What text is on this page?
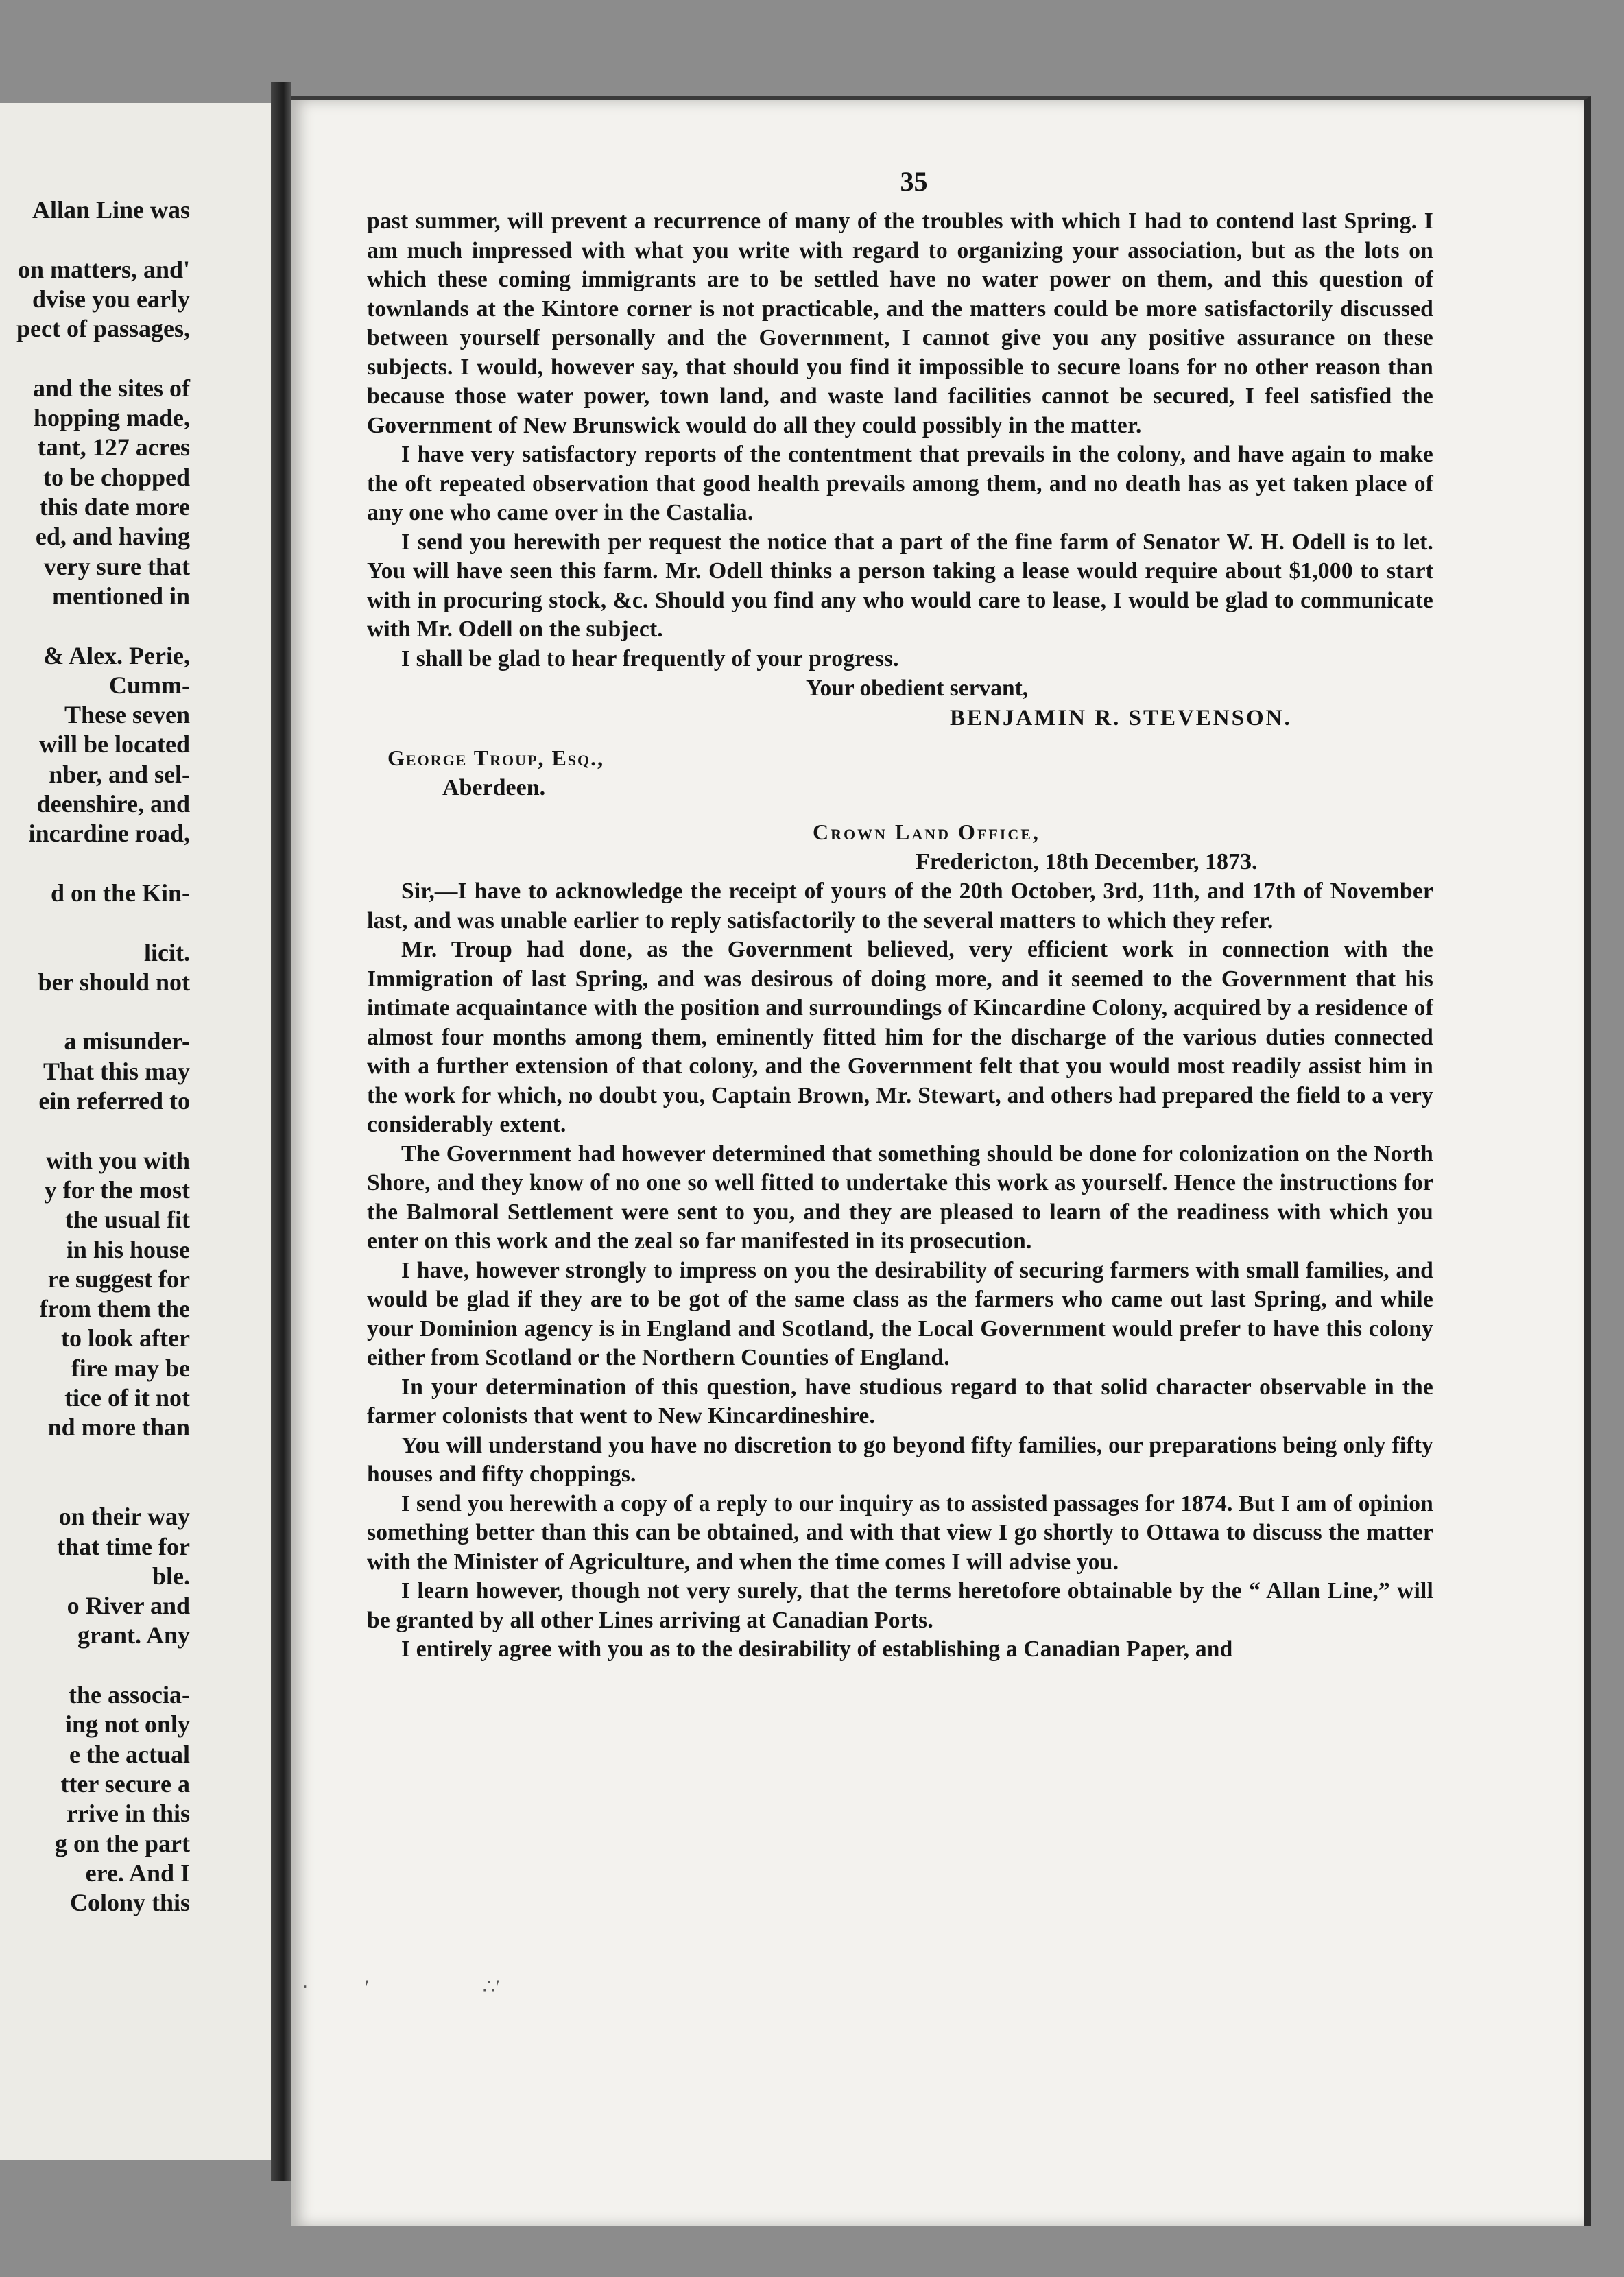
Allan Line was
on matters, and'
dvise you early
pect of passages,
and the sites of
hopping made,
tant, 127 acres
to be chopped
this date more
ed, and having
very sure that
mentioned in
& Alex. Perie,
Cumm-
These seven
will be located
nber, and sel-
deenshire, and
incardine road,
d on the Kin-
licit.
ber should not
a misunder-
That this may
ein referred to
with you with
y for the most
the usual fit
in his house
re suggest for
from them the
to look after
fire may be
tice of it not
nd more than
on their way
that time for
ble.
o River and
grant. Any
the associa-
ing not only
e the actual
tter secure a
rrive in this
g on the part
ere. And I
Colony this
35

past summer, will prevent a recurrence of many of the troubles with which I had to contend last Spring. I am much impressed with what you write with regard to organizing your association, but as the lots on which these coming immigrants are to be settled have no water power on them, and this question of townlands at the Kintore corner is not practicable, and the matters could be more satisfactorily discussed between yourself personally and the Government, I cannot give you any positive assurance on these subjects. I would, however say, that should you find it impossible to secure loans for no other reason than because those water power, town land, and waste land facilities cannot be secured, I feel satisfied the Government of New Brunswick would do all they could possibly in the matter.

I have very satisfactory reports of the contentment that prevails in the colony, and have again to make the oft repeated observation that good health prevails among them, and no death has as yet taken place of any one who came over in the Castalia.

I send you herewith per request the notice that a part of the fine farm of Senator W. H. Odell is to let. You will have seen this farm. Mr. Odell thinks a person taking a lease would require about $1,000 to start with in procuring stock, &c. Should you find any who would care to lease, I would be glad to communicate with Mr. Odell on the subject.

I shall be glad to hear frequently of your progress.

Your obedient servant,

BENJAMIN R. STEVENSON.

George Troup, Esq.,

Aberdeen.

Crown Land Office,

Fredericton, 18th December, 1873.

Sir,—I have to acknowledge the receipt of yours of the 20th October, 3rd, 11th, and 17th of November last, and was unable earlier to reply satisfactorily to the several matters to which they refer.

Mr. Troup had done, as the Government believed, very efficient work in connection with the Immigration of last Spring, and was desirous of doing more, and it seemed to the Government that his intimate acquaintance with the position and surroundings of Kincardine Colony, acquired by a residence of almost four months among them, eminently fitted him for the discharge of the various duties connected with a further extension of that colony, and the Government felt that you would most readily assist him in the work for which, no doubt you, Captain Brown, Mr. Stewart, and others had prepared the field to a very considerably extent.

The Government had however determined that something should be done for colonization on the North Shore, and they know of no one so well fitted to undertake this work as yourself. Hence the instructions for the Balmoral Settlement were sent to you, and they are pleased to learn of the readiness with which you enter on this work and the zeal so far manifested in its prosecution.

I have, however strongly to impress on you the desirability of securing farmers with small families, and would be glad if they are to be got of the same class as the farmers who came out last Spring, and while your Dominion agency is in England and Scotland, the Local Government would prefer to have this colony either from Scotland or the Northern Counties of England.

In your determination of this question, have studious regard to that solid character observable in the farmer colonists that went to New Kincardineshire.

You will understand you have no discretion to go beyond fifty families, our preparations being only fifty houses and fifty choppings.

I send you herewith a copy of a reply to our inquiry as to assisted passages for 1874. But I am of opinion something better than this can be obtained, and with that view I go shortly to Ottawa to discuss the matter with the Minister of Agriculture, and when the time comes I will advise you.

I learn however, though not very surely, that the terms heretofore obtainable by the “ Allan Line,” will be granted by all other Lines arriving at Canadian Ports.

I entirely agree with you as to the desirability of establishing a Canadian Paper, and

‧           ′                      ∴′
